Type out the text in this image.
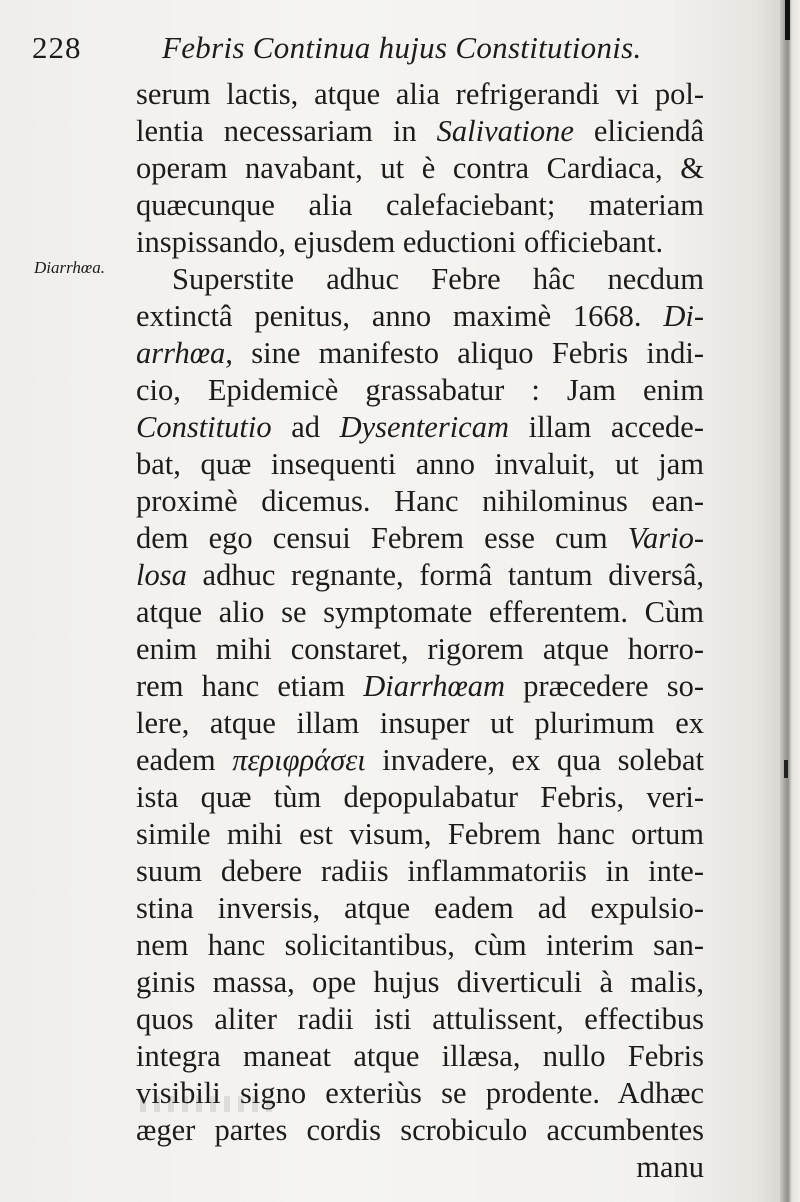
228	Febris Continua hujus Constitutionis.
Diarrhœa.
serum lactis, atque alia refrigerandi vi pol-
lentia necessariam in Salivatione eliciendâ
operam navabant, ut è contra Cardiaca, &
quæcunque alia calefaciebant; materiam
inspissando, ejusdem eductioni officiebant.
Superstite adhuc Febre hâc necdum
extinctâ penitus, anno maximè 1668. Di-
arrhœa, sine manifesto aliquo Febris indi-
cio, Epidemicè grassabatur : Jam enim
Constitutio ad Dysentericam illam accede-
bat, quæ insequenti anno invaluit, ut jam
proximè dicemus. Hanc nihilominus ean-
dem ego censui Febrem esse cum Vario-
losa adhuc regnante, formâ tantum diversâ,
atque alio se symptomate efferentem. Cùm
enim mihi constaret, rigorem atque horro-
rem hanc etiam Diarrhœam præcedere so-
lere, atque illam insuper ut plurimum ex
eadem περιφράσει invadere, ex qua solebat
ista quæ tùm depopulabatur Febris, veri-
simile mihi est visum, Febrem hanc ortum
suum debere radiis inflammatoriis in inte-
stina inversis, atque eadem ad expulsio-
nem hanc solicitantibus, cùm interim san-
ginis massa, ope hujus diverticuli à malis,
quos aliter radii isti attulissent, effectibus
integra maneat atque illæsa, nullo Febris
visibili signo exteriùs se prodente. Adhæc
æger partes cordis scrobiculo accumbentes
manu
